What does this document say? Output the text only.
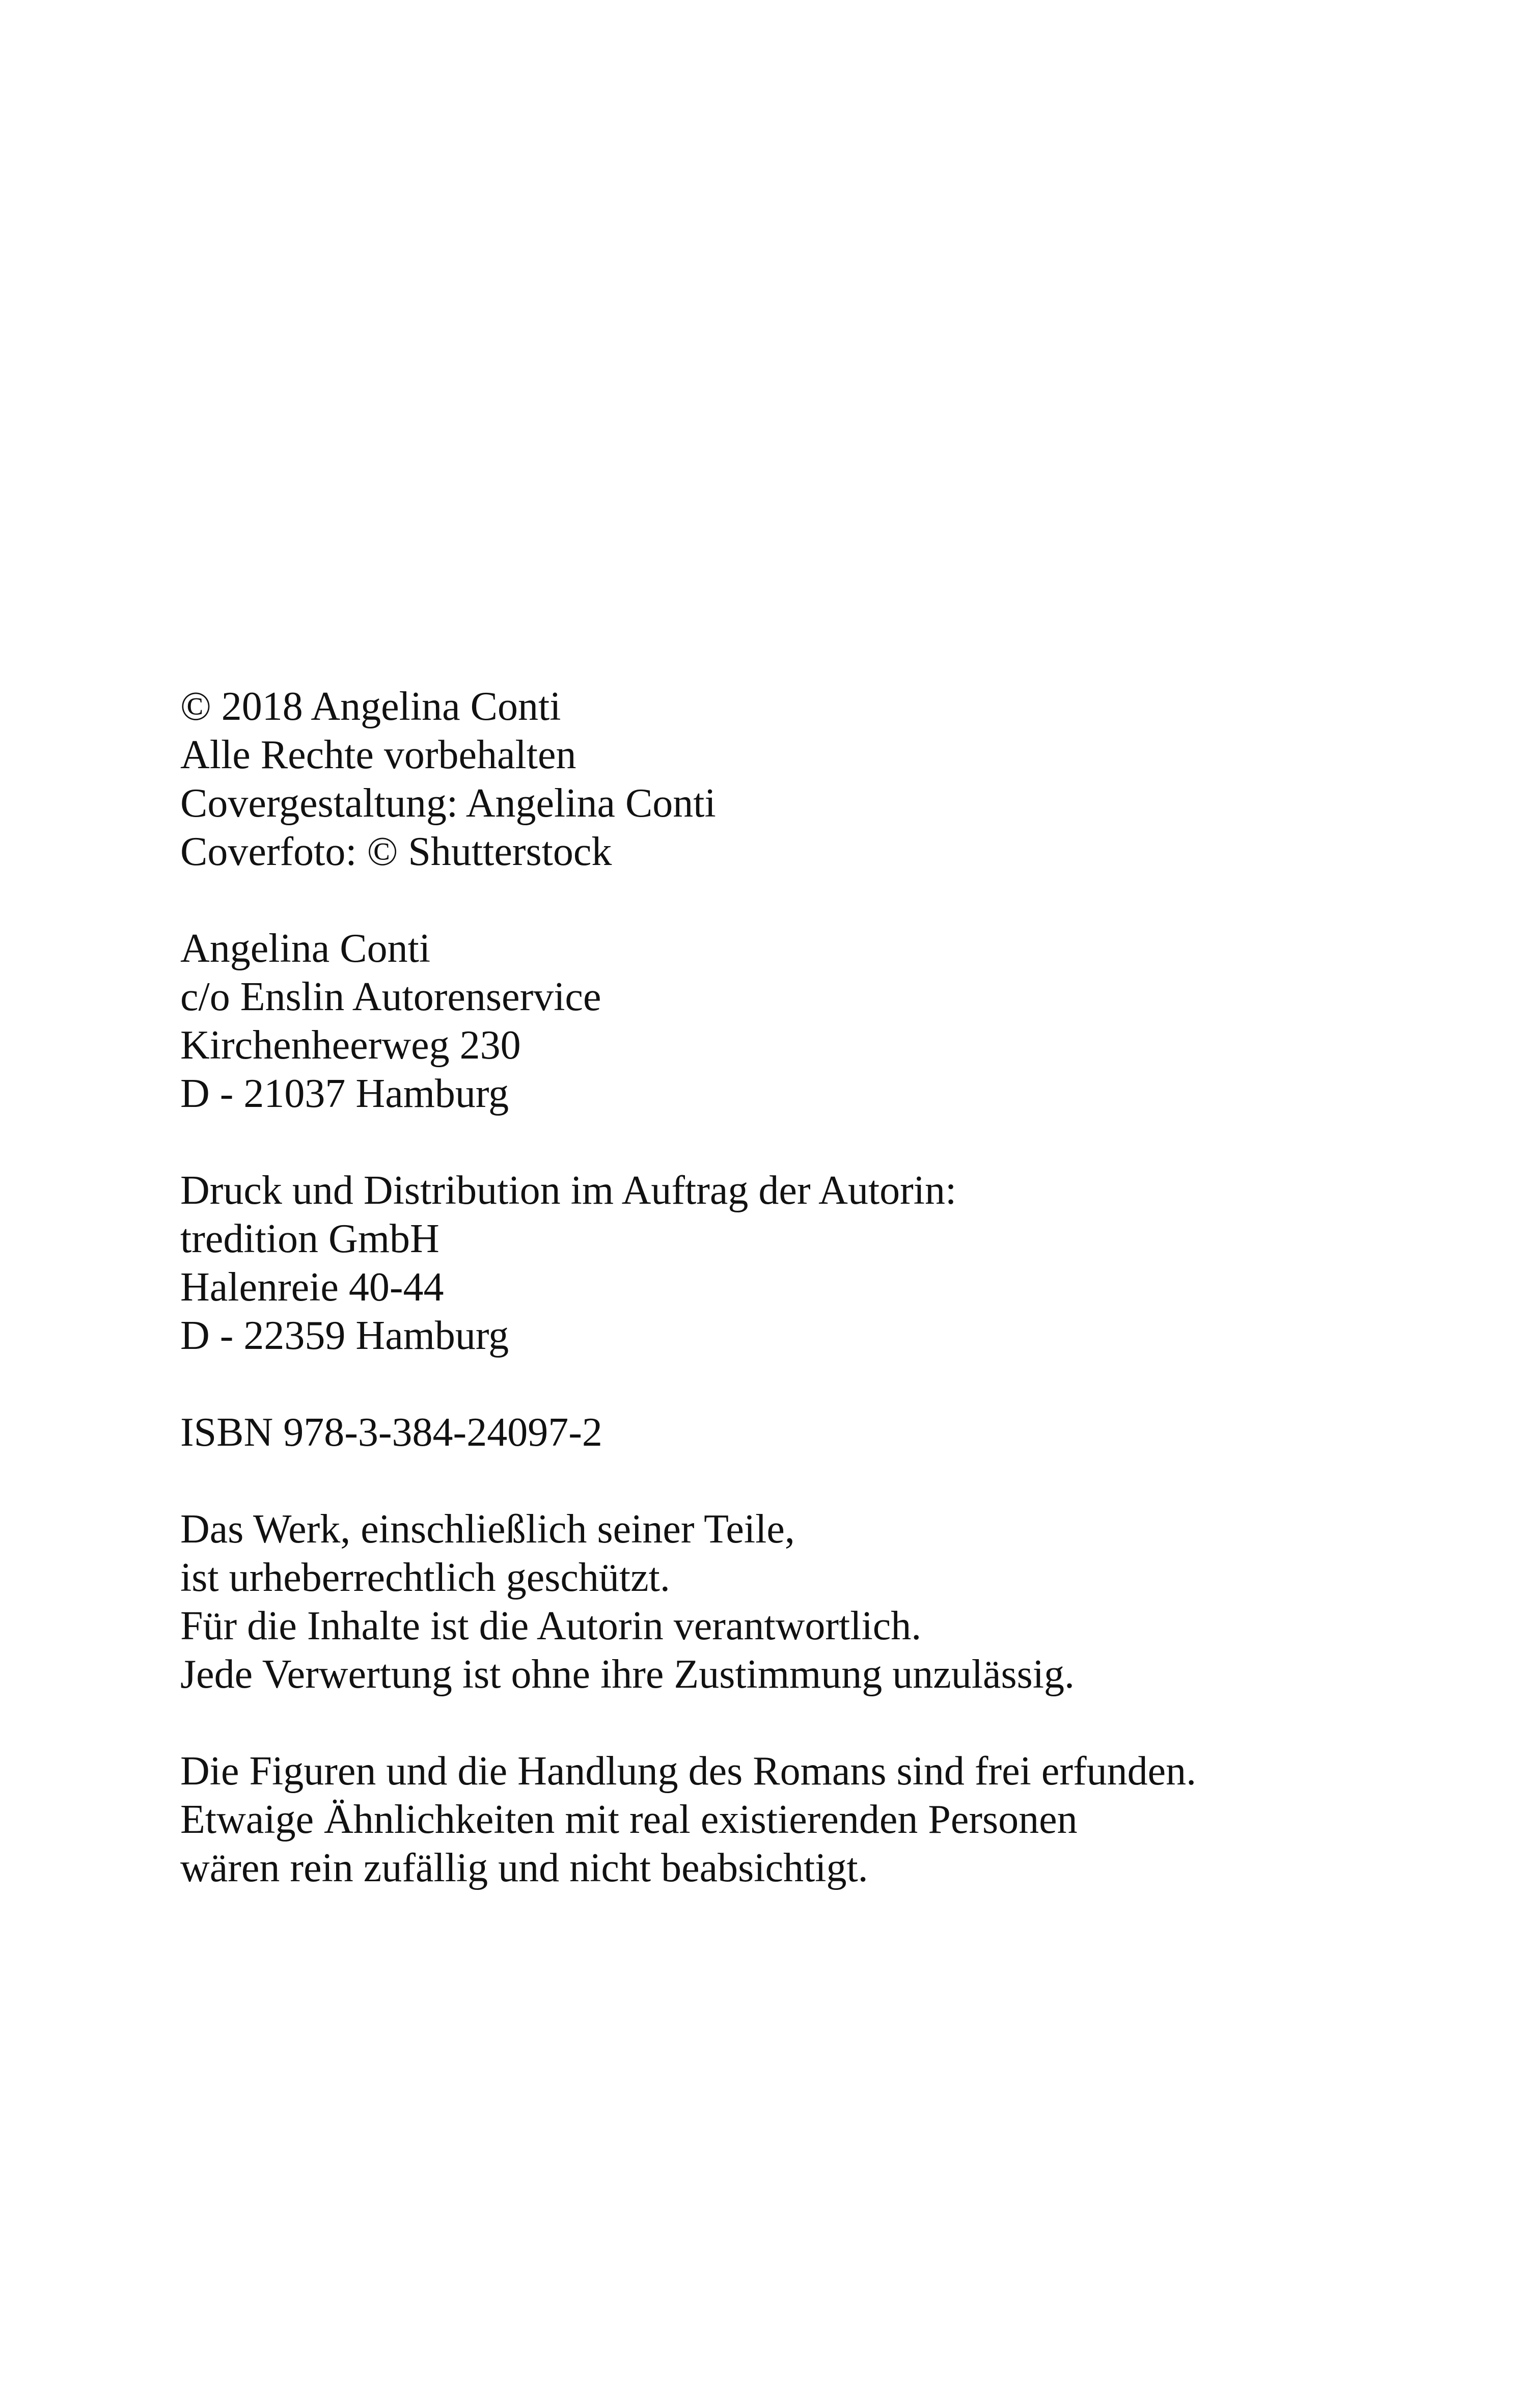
© 2018 Angelina Conti
Alle Rechte vorbehalten
Covergestaltung: Angelina Conti
Coverfoto: © Shutterstock
Angelina Conti
c/o Enslin Autorenservice
Kirchenheerweg 230
D - 21037 Hamburg
Druck und Distribution im Auftrag der Autorin:
tredition GmbH
Halenreie 40-44
D - 22359 Hamburg
ISBN 978-3-384-24097-2
Das Werk, einschließlich seiner Teile,
ist urheberrechtlich geschützt.
Für die Inhalte ist die Autorin verantwortlich.
Jede Verwertung ist ohne ihre Zustimmung unzulässig.
Die Figuren und die Handlung des Romans sind frei erfunden.
Etwaige Ähnlichkeiten mit real existierenden Personen
wären rein zufällig und nicht beabsichtigt.
